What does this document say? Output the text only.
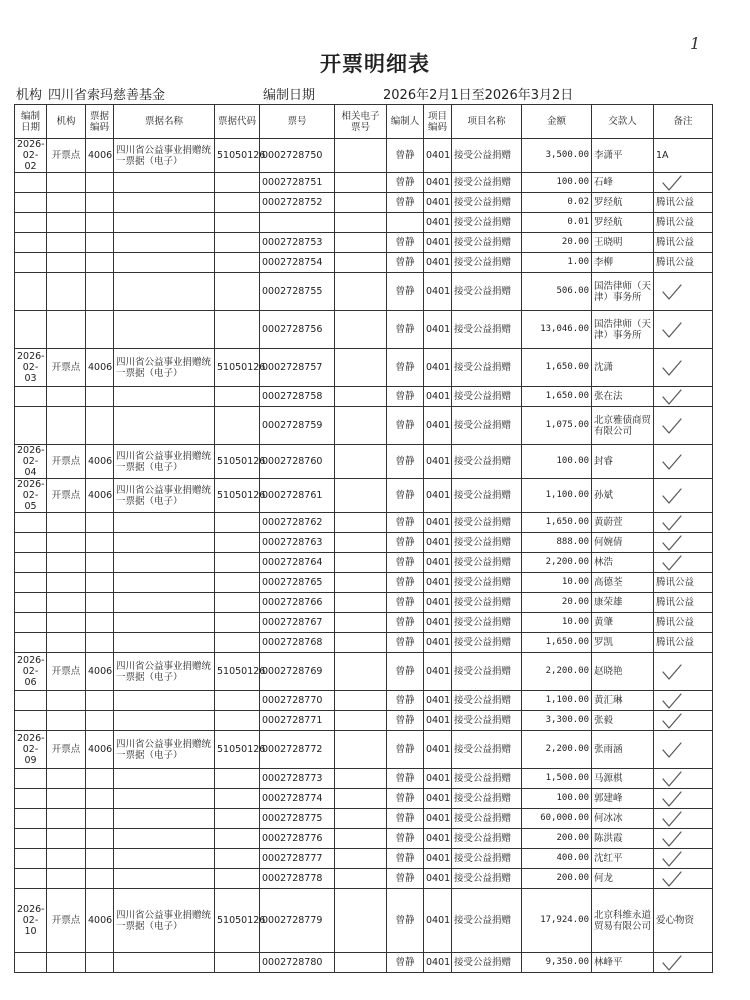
1
开票明细表
机构 四川省索玛慈善基金	编制日期	2026年2月1日至2026年3月2日
编制日期	机构	票据编码	票据名称	票据代码	票号	相关电子票号	编制人	项目编码	项目名称	金额	交款人	备注
2026-02-02	开票点	4006	四川省公益事业捐赠统一票据（电子）	51050126	0002728750		曾静	0401	接受公益捐赠	3,500.00	李潇平	1A
					0002728751		曾静	0401	接受公益捐赠	100.00	石峰	

					0002728752		曾静	0401	接受公益捐赠	0.02	罗经航	腾讯公益
								0401	接受公益捐赠	0.01	罗经航	腾讯公益
					0002728753		曾静	0401	接受公益捐赠	20.00	王晓明	腾讯公益
					0002728754		曾静	0401	接受公益捐赠	1.00	李柳	腾讯公益
					0002728755		曾静	0401	接受公益捐赠	506.00	国浩律师（天津）事务所	

					0002728756		曾静	0401	接受公益捐赠	13,046.00	国浩律师（天津）事务所	

2026-02-03	开票点	4006	四川省公益事业捐赠统一票据（电子）	51050126	0002728757		曾静	0401	接受公益捐赠	1,650.00	沈潇	

					0002728758		曾静	0401	接受公益捐赠	1,650.00	张在法	

					0002728759		曾静	0401	接受公益捐赠	1,075.00	北京雅债商贸有限公司	

2026-02-04	开票点	4006	四川省公益事业捐赠统一票据（电子）	51050126	0002728760		曾静	0401	接受公益捐赠	100.00	封睿	

2026-02-05	开票点	4006	四川省公益事业捐赠统一票据（电子）	51050126	0002728761		曾静	0401	接受公益捐赠	1,100.00	孙斌	

					0002728762		曾静	0401	接受公益捐赠	1,650.00	黄蔚萱	

					0002728763		曾静	0401	接受公益捐赠	888.00	何婉倩	

					0002728764		曾静	0401	接受公益捐赠	2,200.00	林浩	

					0002728765		曾静	0401	接受公益捐赠	10.00	高德荃	腾讯公益
					0002728766		曾静	0401	接受公益捐赠	20.00	康荣雄	腾讯公益
					0002728767		曾静	0401	接受公益捐赠	10.00	黄肇	腾讯公益
					0002728768		曾静	0401	接受公益捐赠	1,650.00	罗凯	腾讯公益
2026-02-06	开票点	4006	四川省公益事业捐赠统一票据（电子）	51050126	0002728769		曾静	0401	接受公益捐赠	2,200.00	赵晓艳	

					0002728770		曾静	0401	接受公益捐赠	1,100.00	黄汇琳	

					0002728771		曾静	0401	接受公益捐赠	3,300.00	张毅	

2026-02-09	开票点	4006	四川省公益事业捐赠统一票据（电子）	51050126	0002728772		曾静	0401	接受公益捐赠	2,200.00	张雨涵	

					0002728773		曾静	0401	接受公益捐赠	1,500.00	马源棋	

					0002728774		曾静	0401	接受公益捐赠	100.00	郭建峰	

					0002728775		曾静	0401	接受公益捐赠	60,000.00	何冰冰	

					0002728776		曾静	0401	接受公益捐赠	200.00	陈洪霞	

					0002728777		曾静	0401	接受公益捐赠	400.00	沈红平	

					0002728778		曾静	0401	接受公益捐赠	200.00	何龙	

2026-02-10	开票点	4006	四川省公益事业捐赠统一票据（电子）	51050126	0002728779		曾静	0401	接受公益捐赠	17,924.00	北京科维永道贸易有限公司	爱心物资
					0002728780		曾静	0401	接受公益捐赠	9,350.00	林峰平	
